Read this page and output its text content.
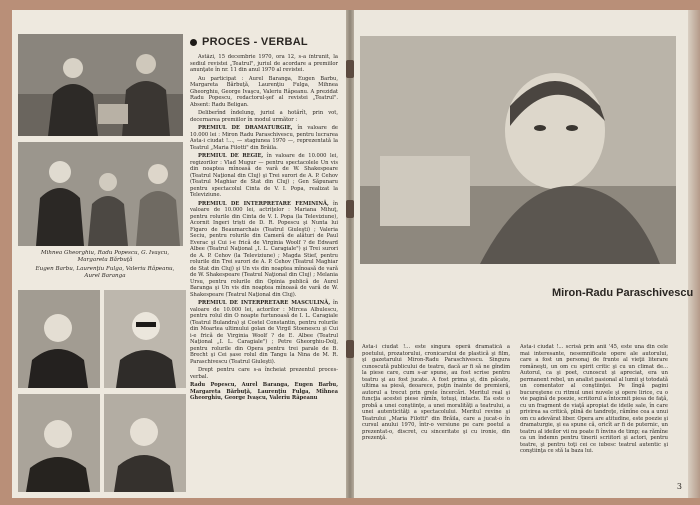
Mihnea Gheorghiu, Radu Popescu, G. Ivaşcu, Margareta Bărbuţă
Eugen Barbu, Laurenţiu Fulga, Valeriu Râpeanu, Aurel Baranga
PROCES - VERBAL

Astăzi, 15 decembrie 1970, ora 12, s-a întrunit, la sediul revistei „Teatrul", juriul de acordare a premiilor anunţate în nr. 11 din anul 1970 al revistei.

Au participat : Aurel Baranga, Eugen Barbu, Margareta Bărbuţă, Laurenţiu Fulga, Mihnea Gheorghiu, George Ivaşcu, Valeriu Râpeanu. A prezidat Radu Popescu, redactorul-şef al revistei „Teatrul". Absent: Radu Beligan.

Deliberînd îndelung, juriul a hotărît, prin vot, decernarea premiilor în modul următor :

PREMIUL DE DRAMATURGIE, în valoare de 10.000 lei : Miron Radu Paraschivescu, pentru lucrarea Asta-i ciudat !..., — stagiunea 1970 —, reprezentată la Teatrul „Maria Filotti" din Brăila.

PREMIUL DE REGIE, în valoare de 10.000 lei, regizorilor : Vlad Mugur — pentru spectacolele Un vis din noaptea mînoasă de vară de W. Shakespeare (Teatrul Naţional din Cluj) şi Trei surori de A. P. Cehov (Teatrul Maghiar de Stat din Cluj) ; Gen Săpunaru pentru spectacolul Cinta de V. I. Popa, realizat la Televiziune.

PREMIUL DE INTERPRETARE FEMININĂ, în valoare de 10.000 lei, actriţelor : Mariana Mihuţ, pentru rolurile din Cinta de V. I. Popa (la Televiziune), Acornit Ingeri triști de D. R. Popescu şi Nunta lui Figaro de Beaumarchais (Teatrul Giuleşti) ; Valeria Seciu, pentru rolurile din Cameră de alături de Paul Everac şi Cui i-e frică de Virginia Woolf ? de Edward Albee (Teatrul Naţional „I. L. Caragiale") şi Trei surori de A. P. Cehov (la Televiziune) ; Magda Stief, pentru rolurile din Trei surori de A. P. Cehov (Teatrul Maghiar de Stat din Cluj) şi Un vis din noaptea mînoasă de vară de W. Shakespeare (Teatrul Naţional din Cluj) ; Melania Ursu, pentru rolurile din Opinia publică de Aurel Baranga şi Un vis din noaptea mînoasă de vară de W. Shakespeare (Teatrul Naţional din Cluj).

PREMIUL DE INTERPRETARE MASCULINĂ, în valoare de 10.000 lei, actorilor : Mircea Albulescu, pentru rolul din O noapte furtunoasă de I. L. Caragiale (Teatrul Bulandra) şi Costel Constantin, pentru rolurile din Moartea ultimului golan de Virgil Stoenescu şi Cui i-e frică de Virginia Woolf ? de E. Albee (Teatrul Naţional „I. L. Caragiale") ; Petre Gheorghiu-Dolj, pentru rolurile din Opera pentru trei parale de B. Brecht şi Cei șase rolul din Tangu la Nina de M. R. Paraschivescu (Teatrul Giuleşti).

Drept pentru care s-a încheiat prezentul proces-verbal.

Radu Popescu, Aurel Baranga, Eugen Barbu, Margareta Bărbuţă, Laurenţiu Fulga, Mihnea Gheorghiu, George Ivaşcu, Valeriu Râpeanu

Miron-Radu Paraschivescu
Asta-i ciudat !... este singura operă dramatică a poetului, prozatorului, cronicarului de plastică şi film, şi gazetarului Miron-Radu Paraschivescu. Singura cunoscută publicului de teatru, dacă ar fi să ne gîndim la piese care, cum s-ar spune, au fost scrise pentru teatru şi au fost jucate. A fost prima şi, din păcate, ultima sa piesă, deoarece, puţin înainte de premieră, autorul a trecut prin grele încercări. Meritul real şi funcţia acestei piese rămîn, totuşi, intacte. Ea este o probă a unei conştiinţe, a unei moralităţi a teatrului, a unei autenticităţi a spectacolului. Meritul revine şi Teatrului „Maria Filotti" din Brăila, care a jucat-o în cursul anului 1970, într-o versiune pe care poetul a prezentat-o, discret, cu sinceritate şi cu ironie, din prezenţă.
Asta-i ciudat !... scrisă prin anii '45, este una din cele mai interesante, nesemnificate opere ale autorului, care a fost un personaj de frunte al vieţii literare româneşti, un om cu spirit critic şi cu un climat de... Autorul, ca şi poet, cunoscut şi apreciat, era un permanent rebel, un analist pasional al lumii şi totodată un comentator al conştiinţei. Pe lîngă pagini bucureştene cu ritmul unei nuvele şi opere lirice, cu o vie pagină de poezie, scriitorul a întocmit piesa de faţă, cu un fragment de viaţă apropiat de ideile sale, în care privirea sa critică, plină de tandreţe, rămîne cea a unui om cu adevărat liber. Opera are atitudine, este poezie şi dramaturgie, şi ea spune că, oricît ar fi de puternic, un teatru al ideilor vii nu poate fi învins de timp; ea rămîne ca un îndemn pentru tinerii scriitori şi actori, pentru teatre, şi pentru toţi cei ce iubesc teatrul autentic şi conştiinţa ce stă la baza lui.
3
